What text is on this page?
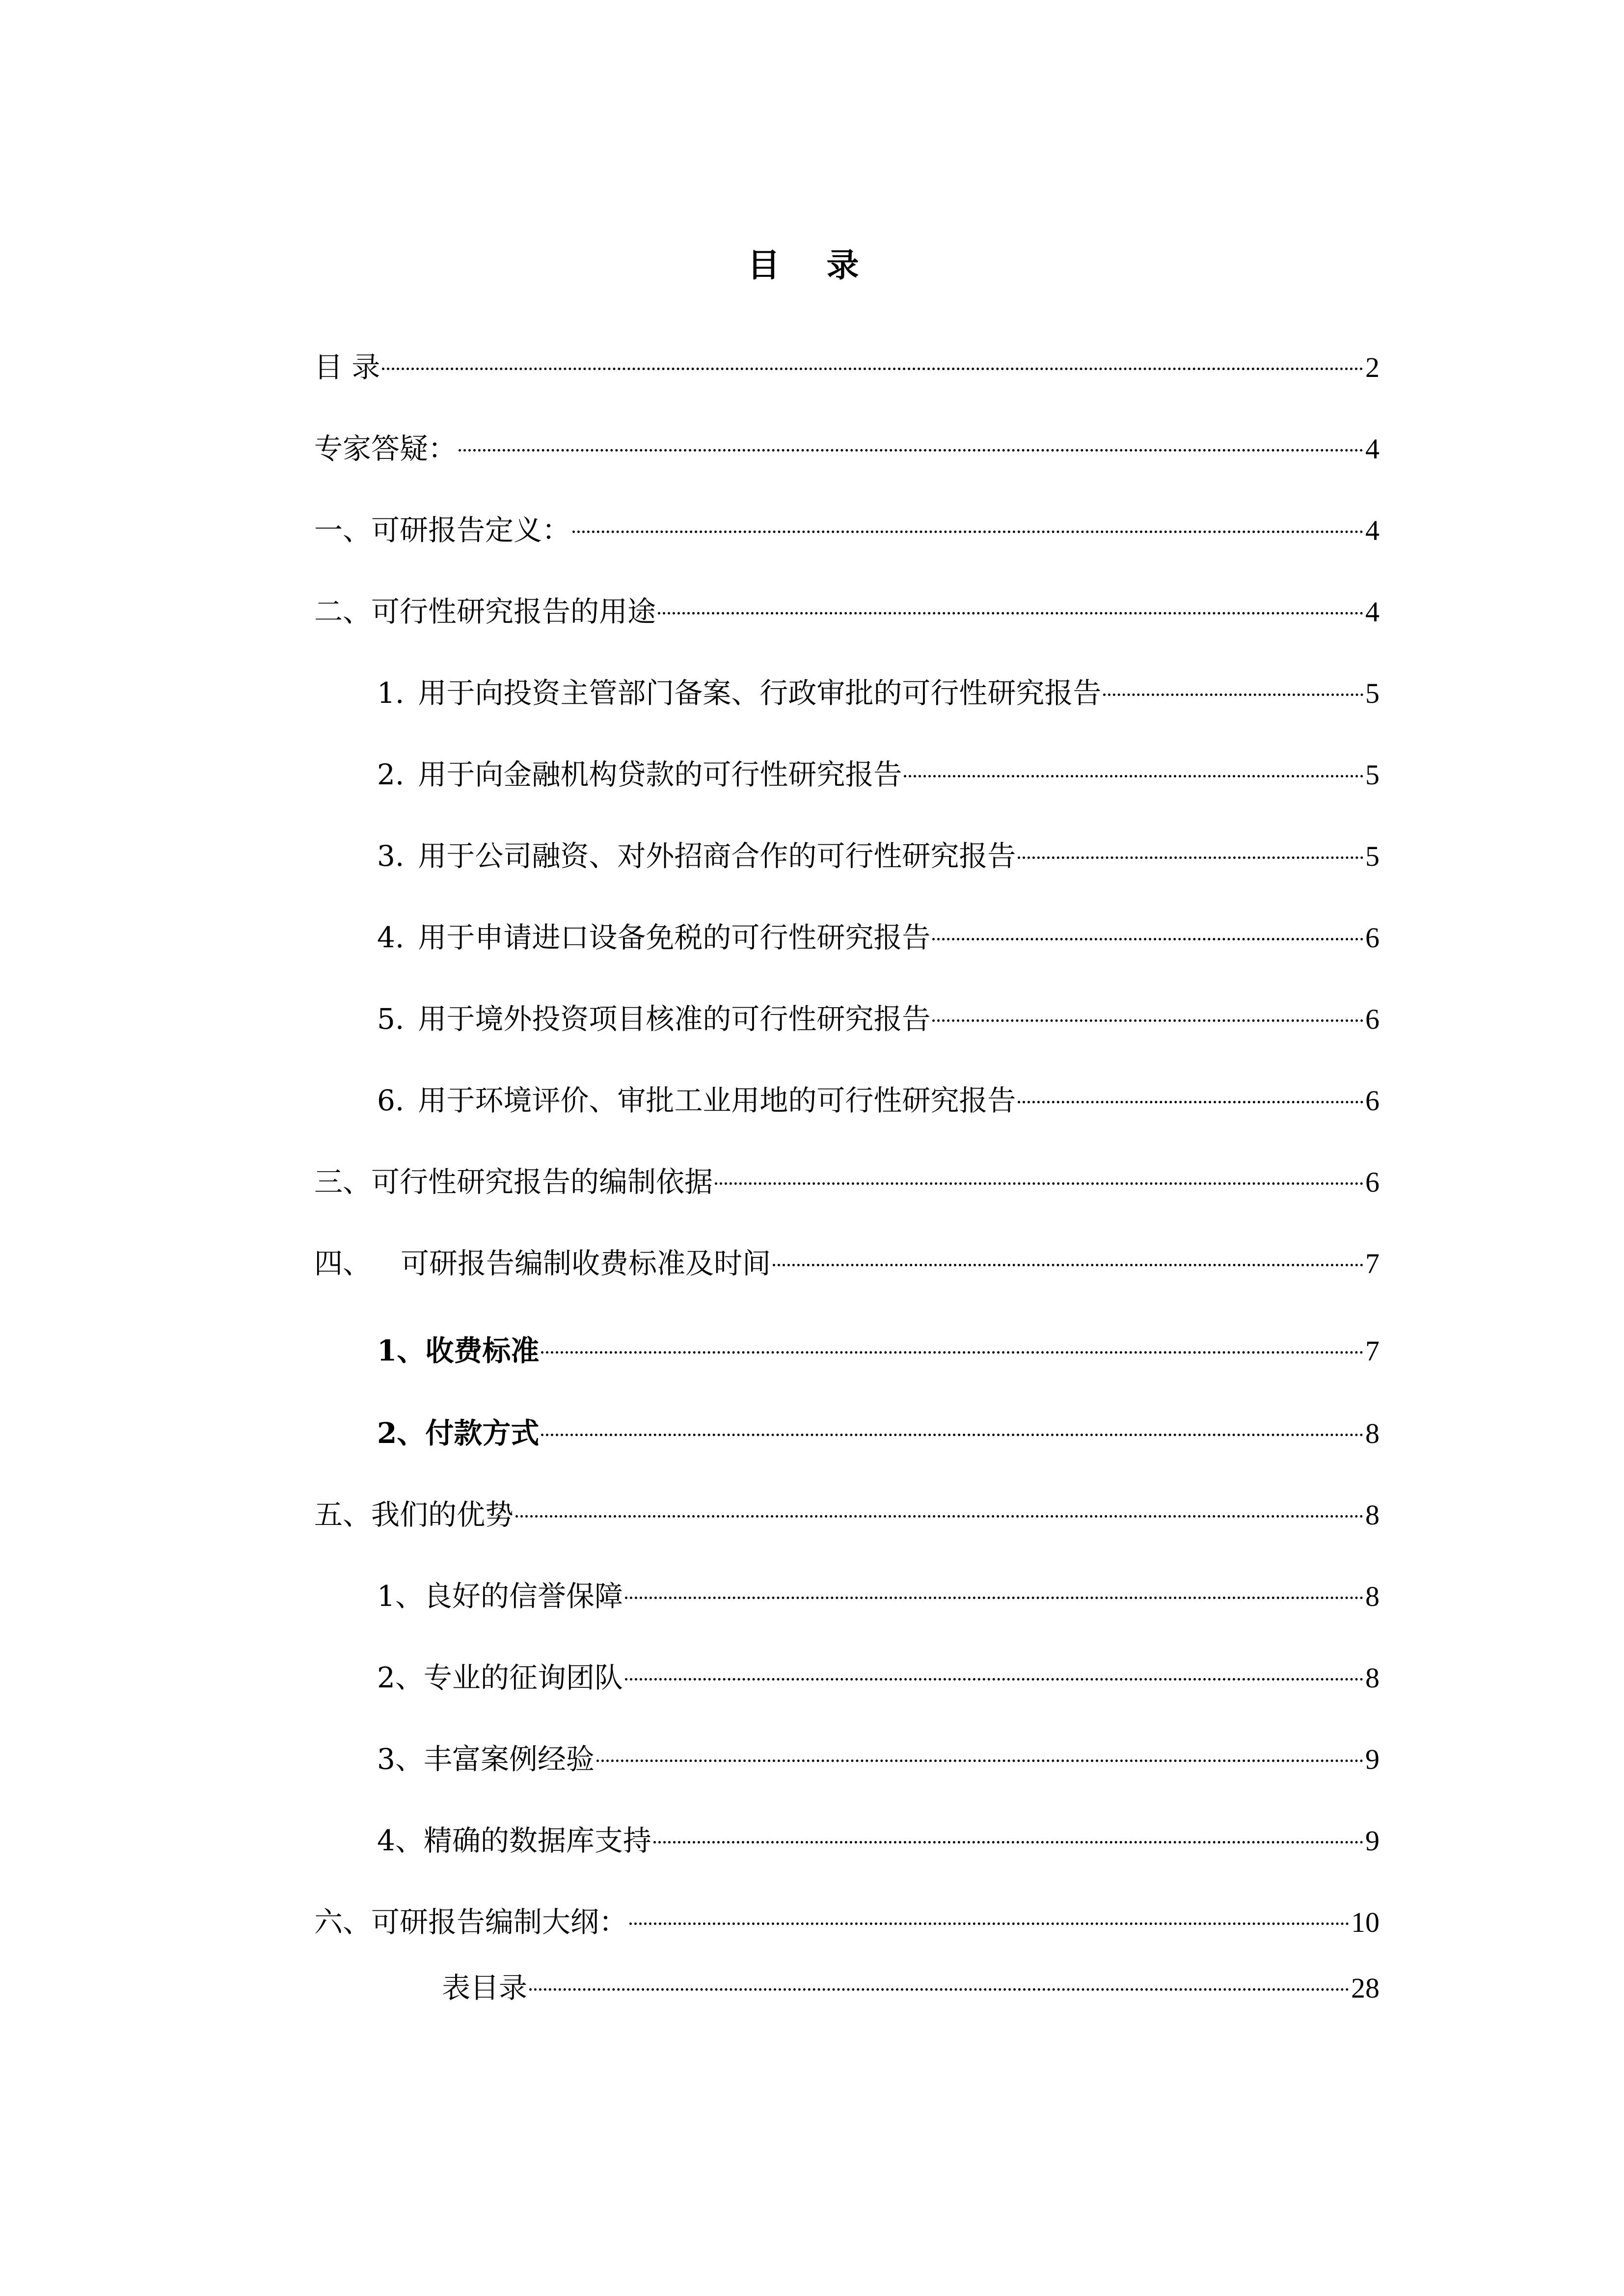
目 录
目 录	2
专家答疑：	4
一、可研报告定义：	4
二、可行性研究报告的用途	4
1. 用于向投资主管部门备案、行政审批的可行性研究报告	5
2. 用于向金融机构贷款的可行性研究报告	5
3. 用于公司融资、对外招商合作的可行性研究报告	5
4. 用于申请进口设备免税的可行性研究报告	6
5. 用于境外投资项目核准的可行性研究报告	6
6. 用于环境评价、审批工业用地的可行性研究报告	6
三、可行性研究报告的编制依据	6
四、 可研报告编制收费标准及时间	7
1、收费标准	7
2、付款方式	8
五、我们的优势	8
1、良好的信誉保障	8
2、专业的征询团队	8
3、丰富案例经验	9
4、精确的数据库支持	9
六、可研报告编制大纲：	10
表目录	28
